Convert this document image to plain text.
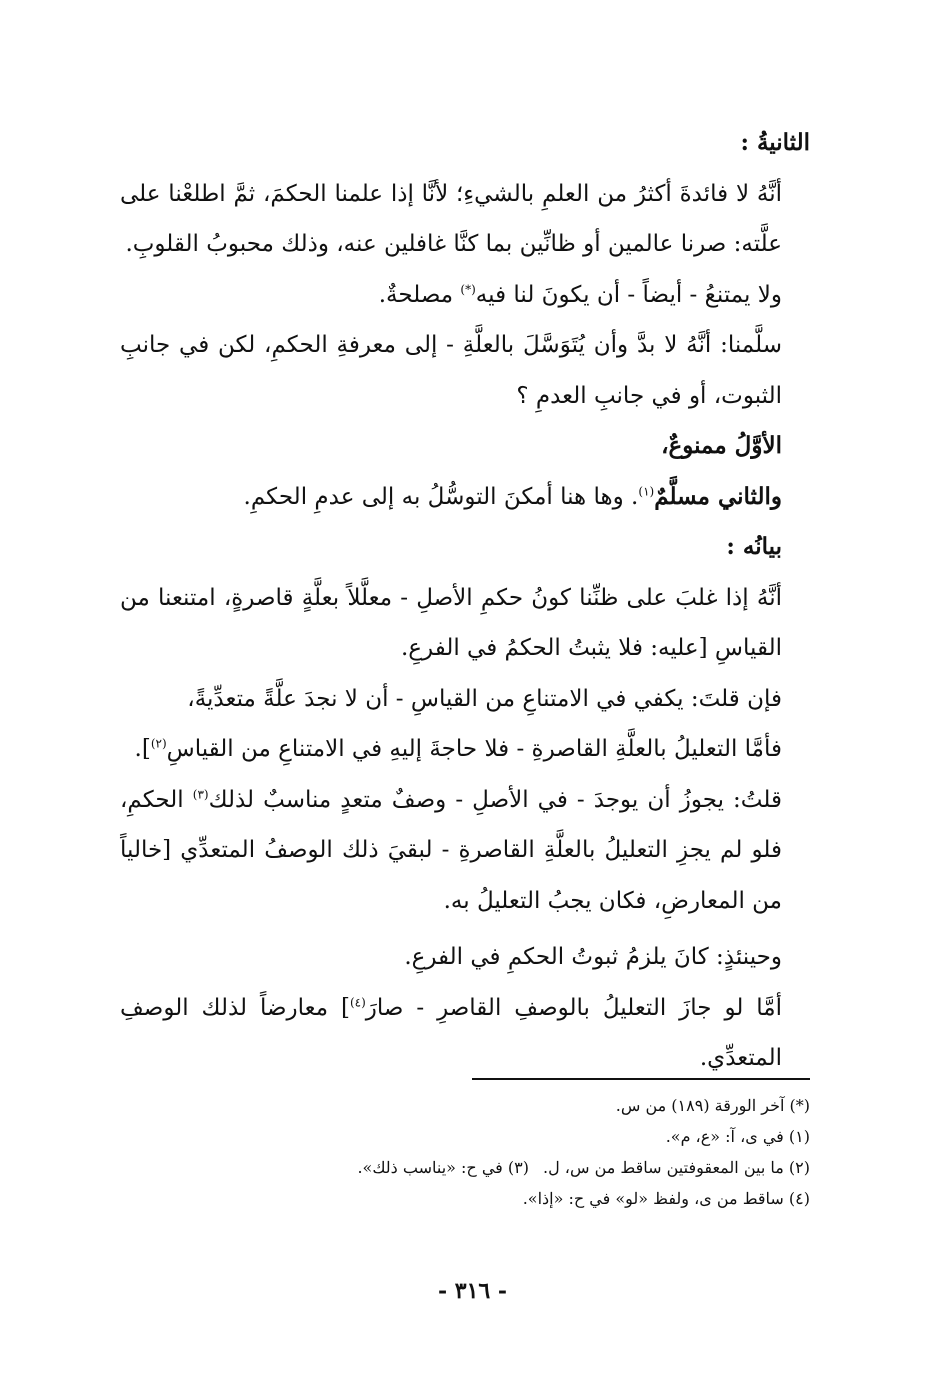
الثانيةُ :

أنَّهُ لا فائدةَ أكثرُ من العلمِ بالشيءِ؛ لأنَّا إذا علمنا الحكمَ، ثمَّ اطلعْنا على علَّته: صرنا عالمين أو ظانِّين بما كنَّا غافلين عنه، وذلك محبوبُ القلوبِ.

ولا يمتنعُ - أيضاً - أن يكونَ لنا فيه(*) مصلحةٌ.

سلَّمنا: أنَّهُ لا بدَّ وأن يُتَوَسَّلَ بالعلَّةِ - إلى معرفةِ الحكمِ، لكن في جانبِ الثبوت، أو في جانبِ العدمِ ؟

الأوَّلُ ممنوعٌ،

والثاني مسلَّمٌ$^{(١)}$. وها هنا أمكنَ التوسُّلُ به إلى عدمِ الحكمِ.

بيانُه :

أنَّهُ إذا غلبَ على ظنِّنا كونُ حكمِ الأصلِ - معلَّلاً بعلَّةٍ قاصرةٍ، امتنعنا من القياسِ [عليه: فلا يثبتُ الحكمُ في الفرعِ.

فإن قلتَ: يكفي في الامتناعِ من القياسِ - أن لا نجدَ علَّةً متعدِّيةً،

فأمَّا التعليلُ بالعلَّةِ القاصرةِ - فلا حاجةَ إليهِ في الامتناعِ من القياسِ$^{(٢)}$].

قلتُ: يجوزُ أن يوجدَ - في الأصلِ - وصفٌ متعدٍ مناسبٌ لذلك$^{(٣)}$ الحكمِ، فلو لم يجزِ التعليلُ بالعلَّةِ القاصرةِ - لبقيَ ذلك الوصفُ المتعدِّي [خالياً من المعارضِ، فكان يجبُ التعليلُ به.

وحينئذٍ: كانَ يلزمُ ثبوتُ الحكمِ في الفرعِ.

أمَّا لو جازَ التعليلُ بالوصفِ القاصرِ - صارَ$^{(٤)}$] معارضاً لذلك الوصفِ المتعدِّي.

(*) آخر الورقة (١٨٩) من س.

(١) في ى، آ: «ع، م».

(٢) ما بين المعقوفتين ساقط من س، ل.(٣) في ح: «يناسب ذلك».

(٤) ساقط من ى، ولفظ «لو» في ح: «إذا».

- ٣١٦ -
